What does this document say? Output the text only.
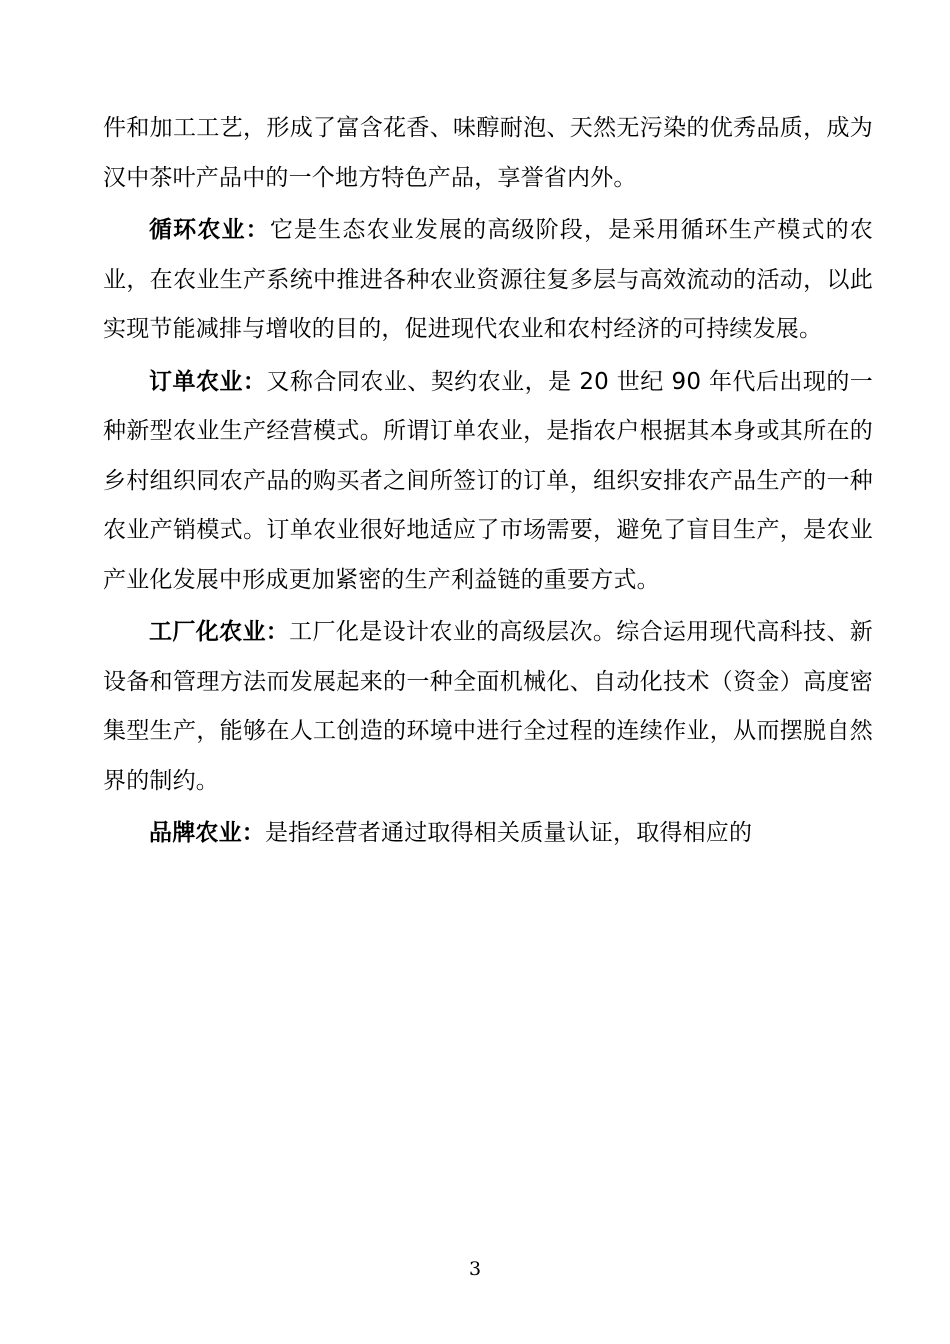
件和加工工艺，形成了富含花香、味醇耐泡、天然无污染的优秀品质，成为汉中茶叶产品中的一个地方特色产品，享誉省内外。

循环农业：它是生态农业发展的高级阶段，是采用循环生产模式的农业，在农业生产系统中推进各种农业资源往复多层与高效流动的活动，以此实现节能减排与增收的目的，促进现代农业和农村经济的可持续发展。

订单农业：又称合同农业、契约农业，是 20 世纪 90 年代后出现的一种新型农业生产经营模式。所谓订单农业，是指农户根据其本身或其所在的乡村组织同农产品的购买者之间所签订的订单，组织安排农产品生产的一种农业产销模式。订单农业很好地适应了市场需要，避免了盲目生产，是农业产业化发展中形成更加紧密的生产利益链的重要方式。

工厂化农业：工厂化是设计农业的高级层次。综合运用现代高科技、新设备和管理方法而发展起来的一种全面机械化、自动化技术（资金）高度密集型生产，能够在人工创造的环境中进行全过程的连续作业，从而摆脱自然界的制约。

品牌农业：是指经营者通过取得相关质量认证，取得相应的

3
